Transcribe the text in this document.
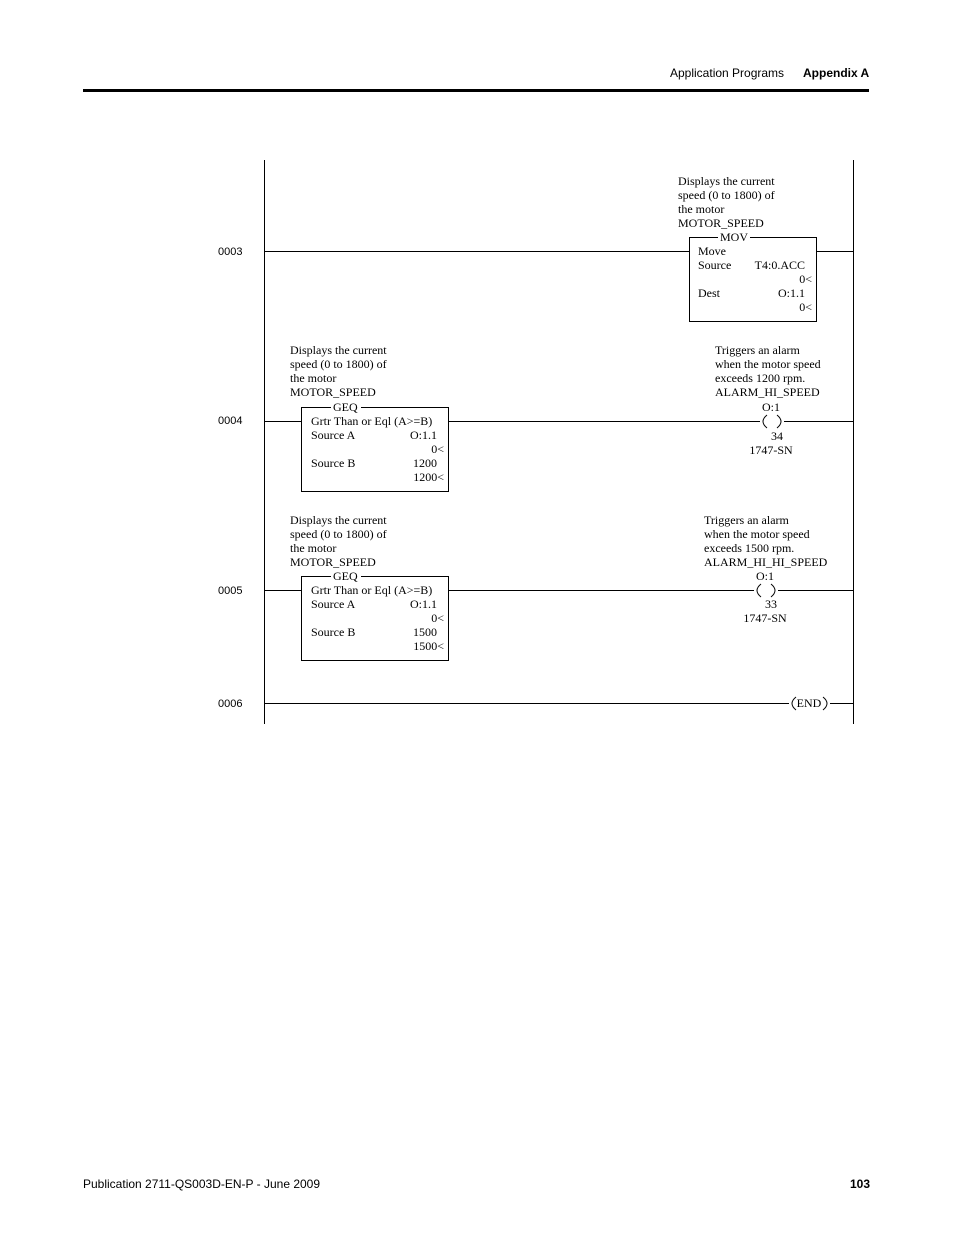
Application Programs Appendix A
0003
Displays the current
speed (0 to 1800) of
the motor
MOTOR_SPEED
MOV
Move
Source T4:0.ACC
0<
Dest	O:1.1
0<
0004
Displays the current
speed (0 to 1800) of
the motor
MOTOR_SPEED
GEQ
Grtr Than or Eql (A>=B)
Source A	O:1.1
0<
Source B	1200
1200<
Triggers an alarm
when the motor speed
exceeds 1200 rpm.
ALARM_HI_SPEED
O:1
34
1747-SN
0005
Displays the current
speed (0 to 1800) of
the motor
MOTOR_SPEED
GEQ
Grtr Than or Eql (A>=B)
Source A	O:1.1
0<
Source B	1500
1500<
Triggers an alarm
when the motor speed
exceeds 1500 rpm.
ALARM_HI_HI_SPEED
O:1
33
1747-SN
0006	END
Publication 2711-QS003D-EN-P - June 2009	103
